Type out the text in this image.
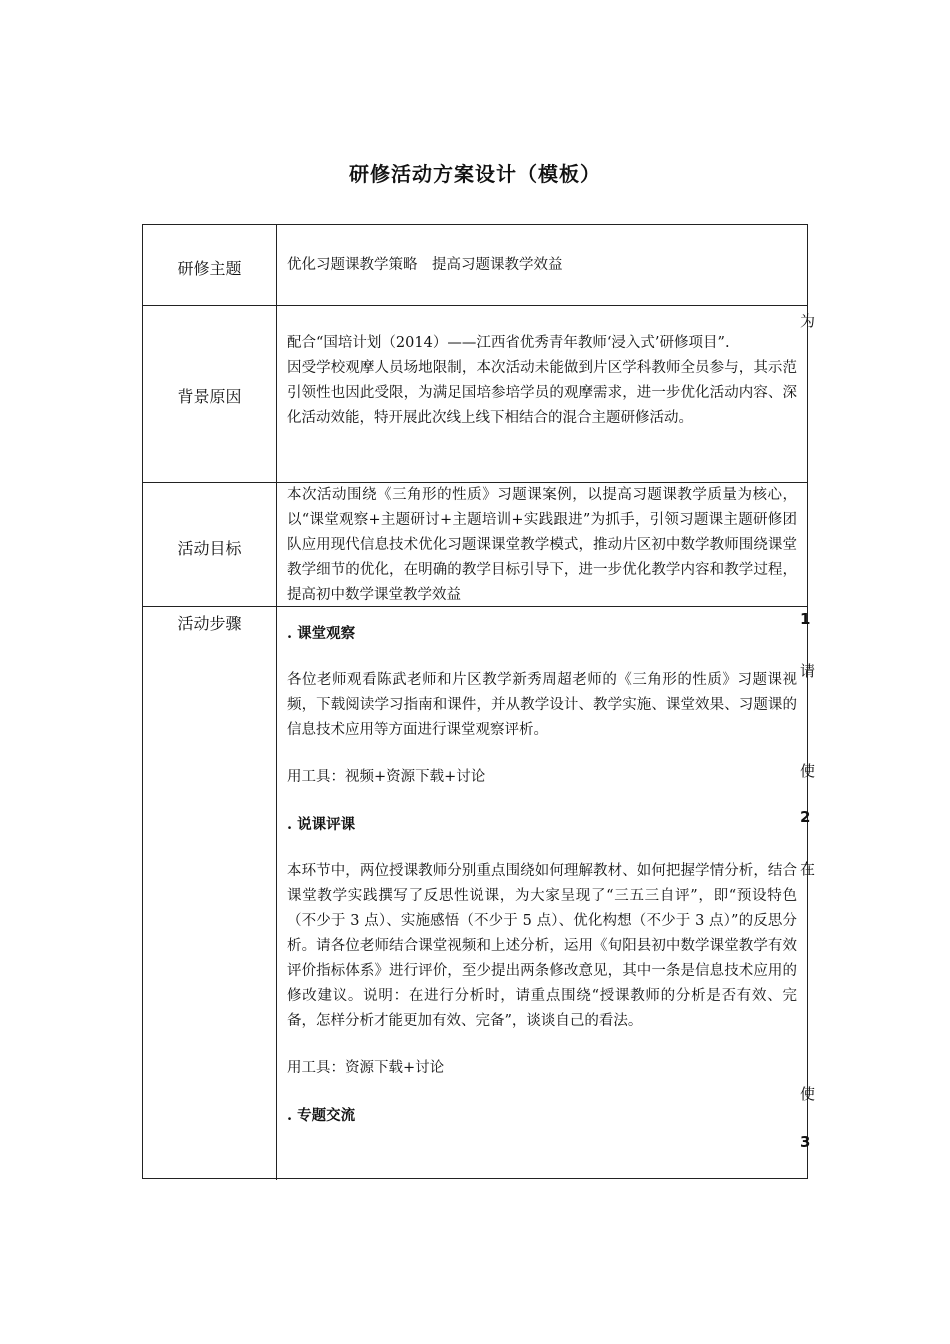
研修活动方案设计（模板）
研修主题	优化习题课教学策略　提高习题课教学效益

背景原因

配合“国培计划（2014）——江西省优秀青年教师‘浸入式’研修项目”.

因受学校观摩人员场地限制，本次活动未能做到片区学科教师全员参与，其示范引领性也因此受限，为满足国培参培学员的观摩需求，进一步优化活动内容、深化活动效能，特开展此次线上线下相结合的混合主题研修活动。

活动目标

本次活动围绕《三角形的性质》习题课案例，以提高习题课教学质量为核心，以“课堂观察+主题研讨+主题培训+实践跟进”为抓手，引领习题课主题研修团队应用现代信息技术优化习题课课堂教学模式，推动片区初中数学教师围绕课堂教学细节的优化，在明确的教学目标引导下，进一步优化教学内容和教学过程，提高初中数学课堂教学效益

活动步骤

. 课堂观察

各位老师观看陈武老师和片区教学新秀周超老师的《三角形的性质》习题课视频，下载阅读学习指南和课件，并从教学设计、教学实施、课堂效果、习题课的信息技术应用等方面进行课堂观察评析。

用工具：视频+资源下载+讨论

. 说课评课

本环节中，两位授课教师分别重点围绕如何理解教材、如何把握学情分析，结合课堂教学实践撰写了反思性说课，为大家呈现了“三五三自评”，即“预设特色（不少于 3 点）、实施感悟（不少于 5 点）、优化构想（不少于 3 点）”的反思分析。请各位老师结合课堂视频和上述分析，运用《旬阳县初中数学课堂教学有效评价指标体系》进行评价，至少提出两条修改意见，其中一条是信息技术应用的修改建议。说明：在进行分析时，请重点围绕“授课教师的分析是否有效、完备，怎样分析才能更加有效、完备”，谈谈自己的看法。

用工具：资源下载+讨论

. 专题交流

为
1
请
使
2
在
使
3
